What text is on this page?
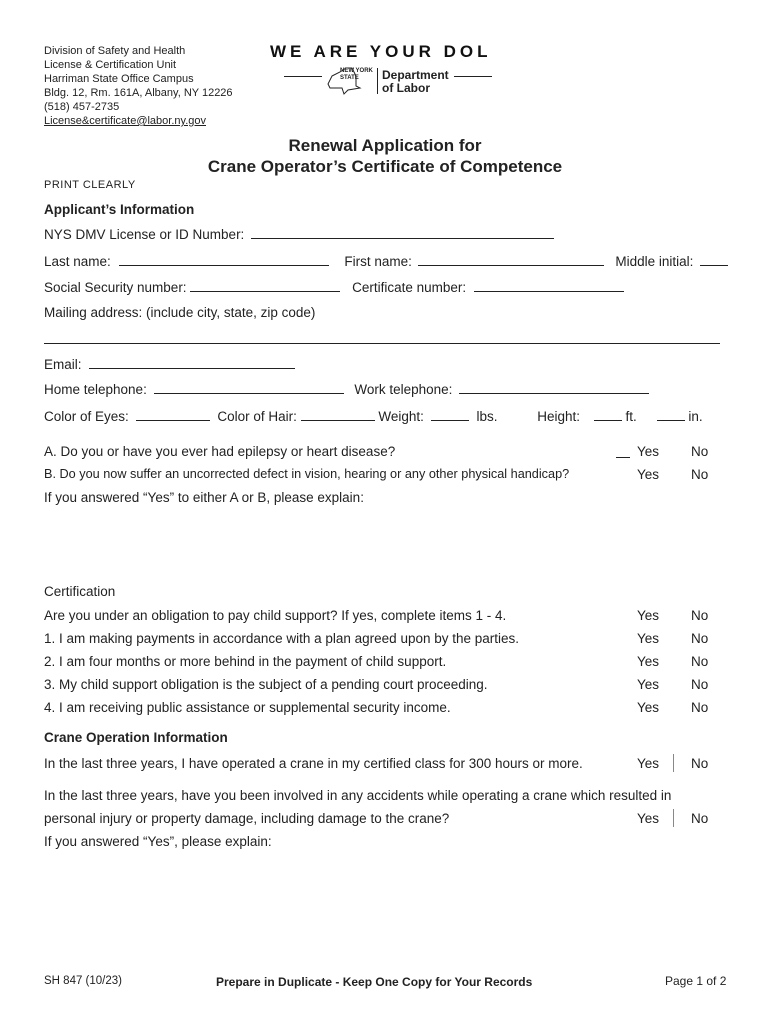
Division of Safety and Health
License & Certification Unit
Harriman State Office Campus
Bldg. 12, Rm. 161A, Albany, NY 12226
(518) 457-2735
License&certificate@labor.ny.gov
WE ARE YOUR DOL
NEW YORK STATE	Department
of Labor
Renewal Application for
Crane Operator’s Certificate of Competence
PRINT CLEARLY
Applicant’s Information
NYS DMV License or ID Number:
Last name:	First name:	Middle initial:
Social Security number:	Certificate number:
Mailing address: (include city, state, zip code)
Email:
Home telephone:	Work telephone:
Color of Eyes:	Color of Hair:	Weight:	lbs.	Height:	ft.	in.
A. Do you or have you ever had epilepsy or heart disease?	Yes No
B. Do you now suffer an uncorrected defect in vision, hearing or any other physical handicap?	Yes No
If you answered “Yes” to either A or B, please explain:
Certification
Are you under an obligation to pay child support? If yes, complete items 1 - 4.	Yes No
1. I am making payments in accordance with a plan agreed upon by the parties.	Yes No
2. I am four months or more behind in the payment of child support.	Yes No
3. My child support obligation is the subject of a pending court proceeding.	Yes No
4. I am receiving public assistance or supplemental security income.	Yes No
Crane Operation Information
In the last three years, I have operated a crane in my certified class for 300 hours or more.	Yes No
In the last three years, have you been involved in any accidents while operating a crane which resulted in
personal injury or property damage, including damage to the crane?	Yes No
If you answered “Yes”, please explain:
SH 847 (10/23)	Prepare in Duplicate - Keep One Copy for Your Records	Page 1 of 2
